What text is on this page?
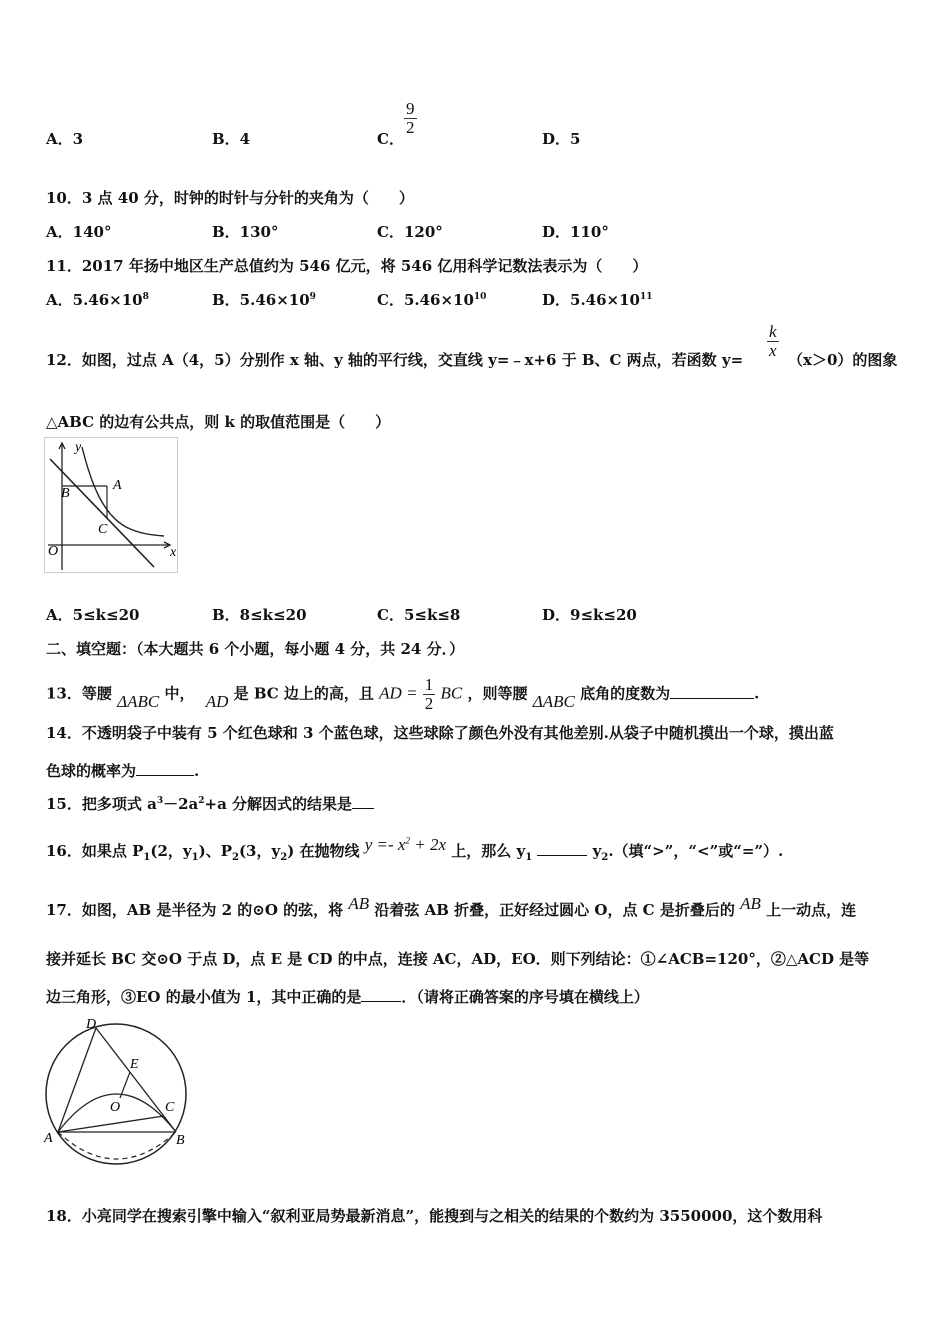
A．3	B．4	C．
$\frac{9}{2}$
D．5
10．3 点 40 分，时钟的时针与分针的夹角为（　　）
A．140°	B．130°	C．120°	D．110°
11．2017 年扬中地区生产总值约为 546 亿元，将 546 亿用科学记数法表示为（　　）
A．$5.46\times 10^8$	B．$5.46\times 10^9$	C．$5.46\times 10^{10}$	D．$5.46\times 10^{11}$
12．如图，过点 A（4，5）分别作 x 轴、y 轴的平行线，交直线 y=﹣x+6 于 B、C 两点，若函数 $y= \frac{k}{x} (x>0)$的图象
△ABC 的边有公共点，则 k 的取值范围是（　　）
y
x
O
A
B
C
A．5≤k≤20	B．8≤k≤20	C．5≤k≤8	D．9≤k≤20
二、填空题：（本大题共 6 个小题，每小题 4 分，共 24 分．）
13．等腰 ΔABC 中， AD 是 BC 边上的高，且 AD = $\frac{1}{2}$ BC ，则等腰 ΔABC 底角的度数为	.
14．不透明袋子中装有 5 个红色球和 3 个蓝色球，这些球除了颜色外没有其他差别.从袋子中随机摸出一个球，摸出蓝
色球的概率为	.
15．把多项式 $a^3-2a^2+a$ 分解因式的结果是
16．如果点 $P_1(2$，$y_1$)、$P_2(3$，$y_2$) 在抛物线 $y =- x^2 + 2x$ 上，那么 $y_1$	$y_2$.（填“>”，“<”或“=”）.
17．如图，AB 是半径为 2 的⊙O 的弦，将 AB 沿着弦 AB 折叠，正好经过圆心 O，点 C 是折叠后的 AB 上一动点，连
接并延长 BC 交⊙O 于点 D，点 E 是 CD 的中点，连接 AC，AD，EO．则下列结论：①∠ACB=120°，②△ACD 是等
边三角形，③EO 的最小值为 1，其中正确的是	．（请将正确答案的序号填在横线上）
D
E
O	C
A	B
18．小亮同学在搜索引擎中输入“叙利亚局势最新消息”，能搜到与之相关的结果的个数约为 3550000，这个数用科
